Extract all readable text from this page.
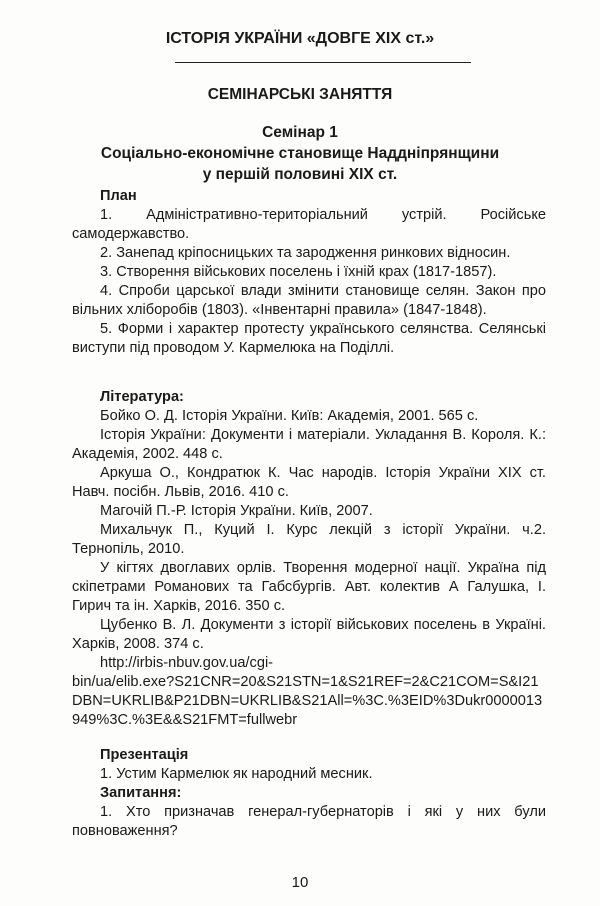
ІСТОРІЯ УКРАЇНИ «ДОВГЕ ХІХ ст.»
СЕМІНАРСЬКІ ЗАНЯТТЯ
Семінар 1
Соціально-економічне становище Наддніпрянщини
у першій половині ХІХ ст.
План

1. Адміністративно-територіальний устрій. Російське самодержавство.

2. Занепад кріпосницьких та зародження ринкових відносин.

3. Створення військових поселень і їхній крах (1817-1857).

4. Спроби царської влади змінити становище селян. Закон про вільних хліборобів (1803). «Інвентарні правила» (1847-1848).

5. Форми і характер протесту українського селянства. Селянські виступи під проводом У. Кармелюка на Поділлі.

Література:

Бойко О. Д. Історія України. Київ: Академія, 2001. 565 с.

Історія України: Документи і матеріали. Укладання В. Короля. К.: Академія, 2002. 448 с.

Аркуша О., Кондратюк К. Час народів. Історія України ХІХ ст. Навч. посібн. Львів, 2016. 410 с.

Магочій П.-Р. Історія України. Київ, 2007.

Михальчук П., Куций І. Курс лекцій з історії України. ч.2. Тернопіль, 2010.

У кігтях двоглавих орлів. Творення модерної нації. Україна під скіпетрами Романових та Габсбургів. Авт. колектив А Галушка, І. Гирич та ін. Харків, 2016. 350 с.

Цубенко В. Л. Документи з історії військових поселень в Україні. Харків, 2008. 374 с.

http://irbis-nbuv.gov.ua/cgi-
bin/ua/elib.exe?S21CNR=20&S21STN=1&S21REF=2&C21COM=S&I21DBN=UKRLIB&P21DBN=UKRLIB&S21All=%3C.%3EID%3Dukr0000013949%3C.%3E&&S21FMT=fullwebr
Презентація

1. Устим Кармелюк як народний месник.

Запитання:

1. Хто призначав генерал-губернаторів і які у них були повноваження?

10
